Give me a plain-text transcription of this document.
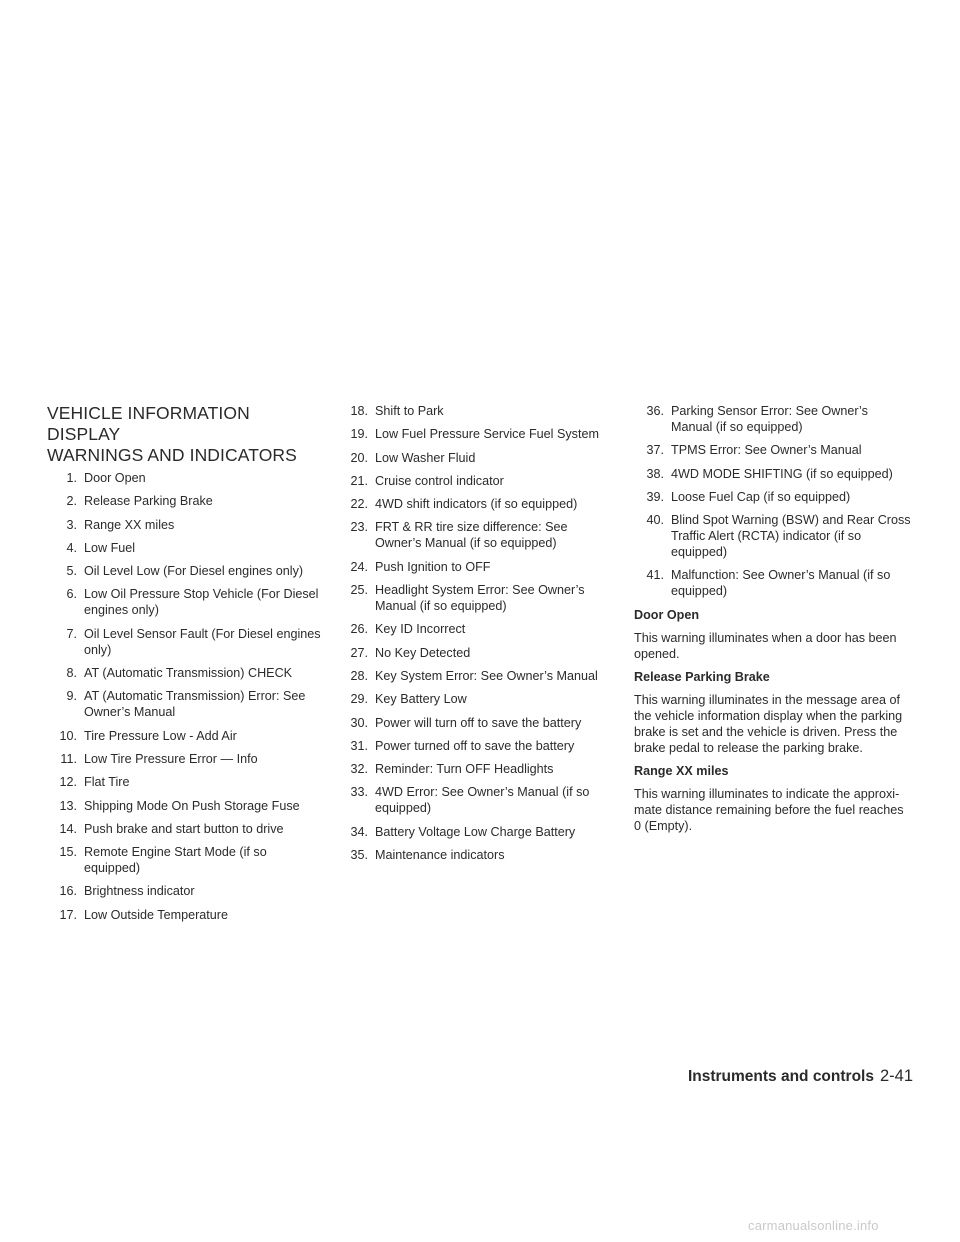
VEHICLE INFORMATION DISPLAY
WARNINGS AND INDICATORS
1. Door Open
2. Release Parking Brake
3. Range XX miles
4. Low Fuel
5. Oil Level Low (For Diesel engines only)
6. Low Oil Pressure Stop Vehicle (For Diesel engines only)
7. Oil Level Sensor Fault (For Diesel engines only)
8. AT (Automatic Transmission) CHECK
9. AT (Automatic Transmission) Error: See Owner’s Manual
10. Tire Pressure Low - Add Air
11. Low Tire Pressure Error — Info
12. Flat Tire
13. Shipping Mode On Push Storage Fuse
14. Push brake and start button to drive
15. Remote Engine Start Mode (if so equipped)
16. Brightness indicator
17. Low Outside Temperature
18. Shift to Park
19. Low Fuel Pressure Service Fuel System
20. Low Washer Fluid
21. Cruise control indicator
22. 4WD shift indicators (if so equipped)
23. FRT & RR tire size difference: See Owner’s Manual (if so equipped)
24. Push Ignition to OFF
25. Headlight System Error: See Owner’s Manual (if so equipped)
26. Key ID Incorrect
27. No Key Detected
28. Key System Error: See Owner’s Manual
29. Key Battery Low
30. Power will turn off to save the battery
31. Power turned off to save the battery
32. Reminder: Turn OFF Headlights
33. 4WD Error: See Owner’s Manual (if so equipped)
34. Battery Voltage Low Charge Battery
35. Maintenance indicators
36. Parking Sensor Error: See Owner’s Manual (if so equipped)
37. TPMS Error: See Owner’s Manual
38. 4WD MODE SHIFTING (if so equipped)
39. Loose Fuel Cap (if so equipped)
40. Blind Spot Warning (BSW) and Rear Cross Traffic Alert (RCTA) indicator (if so equipped)
41. Malfunction: See Owner’s Manual (if so equipped)
Door Open
This warning illuminates when a door has been opened.
Release Parking Brake
This warning illuminates in the message area of the vehicle information display when the parking brake is set and the vehicle is driven. Press the brake pedal to release the parking brake.
Range XX miles
This warning illuminates to indicate the approxi-mate distance remaining before the fuel reaches 0 (Empty).
Instruments and controls 2-41
carmanualsonline.info
